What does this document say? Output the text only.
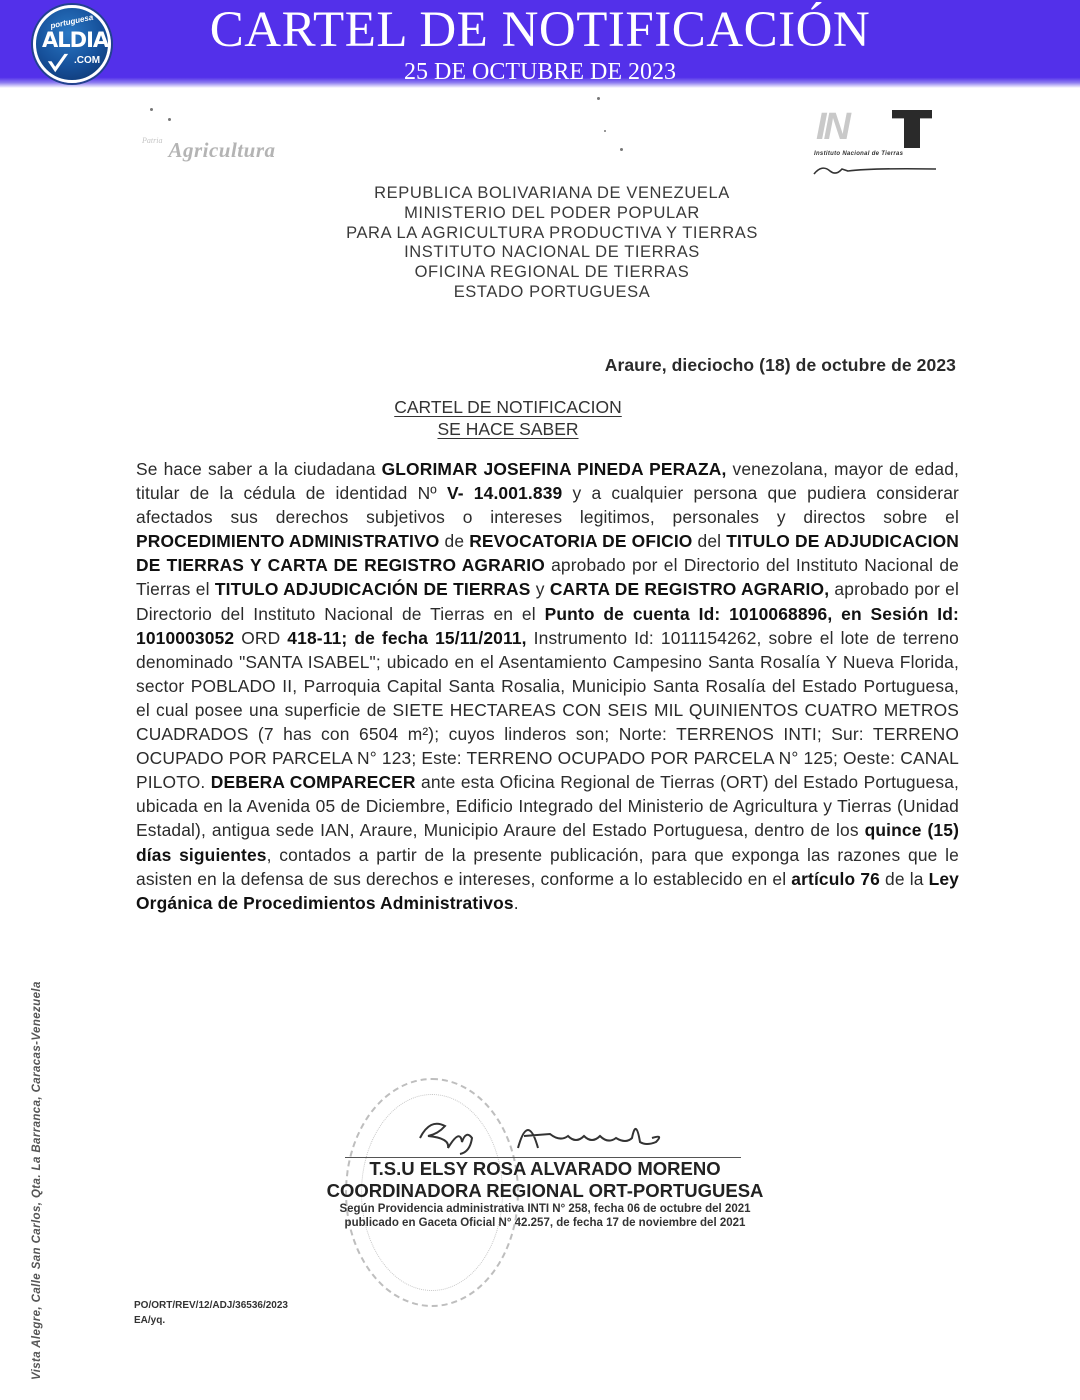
portuguesa
ALDIA
.COM
CARTEL DE NOTIFICACIÓN
25 DE OCTUBRE DE 2023
Patria Agricultura
IN
Instituto Nacional de Tierras
REPUBLICA BOLIVARIANA DE VENEZUELA
MINISTERIO DEL PODER POPULAR
PARA LA AGRICULTURA PRODUCTIVA Y TIERRAS
INSTITUTO NACIONAL DE TIERRAS
OFICINA REGIONAL DE TIERRAS
ESTADO PORTUGUESA
Araure, dieciocho (18) de octubre de 2023
CARTEL DE NOTIFICACION
SE HACE SABER
Se hace saber a la ciudadana GLORIMAR JOSEFINA PINEDA PERAZA, venezolana, mayor de edad, titular de la cédula de identidad Nº V- 14.001.839 y a cualquier persona que pudiera considerar afectados sus derechos subjetivos o intereses legitimos, personales y directos sobre el PROCEDIMIENTO ADMINISTRATIVO de REVOCATORIA DE OFICIO del TITULO DE ADJUDICACION DE TIERRAS Y CARTA DE REGISTRO AGRARIO aprobado por el Directorio del Instituto Nacional de Tierras el TITULO ADJUDICACIÓN DE TIERRAS y CARTA DE REGISTRO AGRARIO, aprobado por el Directorio del Instituto Nacional de Tierras en el Punto de cuenta Id: 1010068896, en Sesión Id: 1010003052 ORD 418-11; de fecha 15/11/2011, Instrumento Id: 1011154262, sobre el lote de terreno denominado "SANTA ISABEL"; ubicado en el Asentamiento Campesino Santa Rosalía Y Nueva Florida, sector POBLADO II, Parroquia Capital Santa Rosalia, Municipio Santa Rosalía del Estado Portuguesa, el cual posee una superficie de SIETE HECTAREAS CON SEIS MIL QUINIENTOS CUATRO METROS CUADRADOS (7 has con 6504 m²); cuyos linderos son; Norte: TERRENOS INTI; Sur: TERRENO OCUPADO POR PARCELA N° 123; Este: TERRENO OCUPADO POR PARCELA N° 125; Oeste: CANAL PILOTO. DEBERA COMPARECER ante esta Oficina Regional de Tierras (ORT) del Estado Portuguesa, ubicada en la Avenida 05 de Diciembre, Edificio Integrado del Ministerio de Agricultura y Tierras (Unidad Estadal), antigua sede IAN, Araure, Municipio Araure del Estado Portuguesa, dentro de los quince (15) días siguientes, contados a partir de la presente publicación, para que exponga las razones que le asisten en la defensa de sus derechos e intereses, conforme a lo establecido en el artículo 76 de la Ley Orgánica de Procedimientos Administrativos.
T.S.U ELSY ROSA ALVARADO MORENO
COORDINADORA REGIONAL ORT-PORTUGUESA
Según Providencia administrativa INTI N° 258, fecha 06 de octubre del 2021
publicado en Gaceta Oficial N° 42.257, de fecha 17 de noviembre del 2021
PO/ORT/REV/12/ADJ/36536/2023
EA/yq.
Vista Alegre, Calle San Carlos, Qta. La Barranca, Caracas-Venezuela
